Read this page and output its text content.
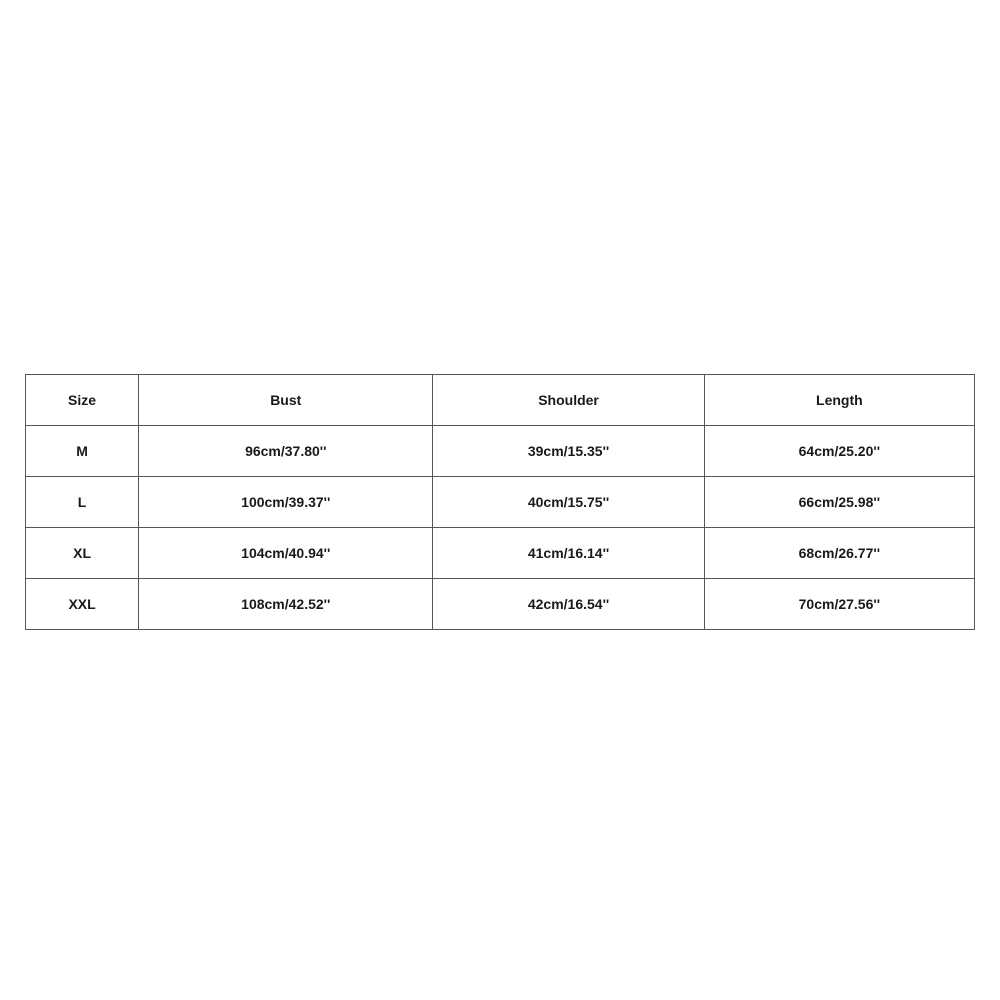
Size	Bust	Shoulder	Length
M	96cm/37.80''	39cm/15.35''	64cm/25.20''
L	100cm/39.37''	40cm/15.75''	66cm/25.98''
XL	104cm/40.94''	41cm/16.14''	68cm/26.77''
XXL	108cm/42.52''	42cm/16.54''	70cm/27.56''
